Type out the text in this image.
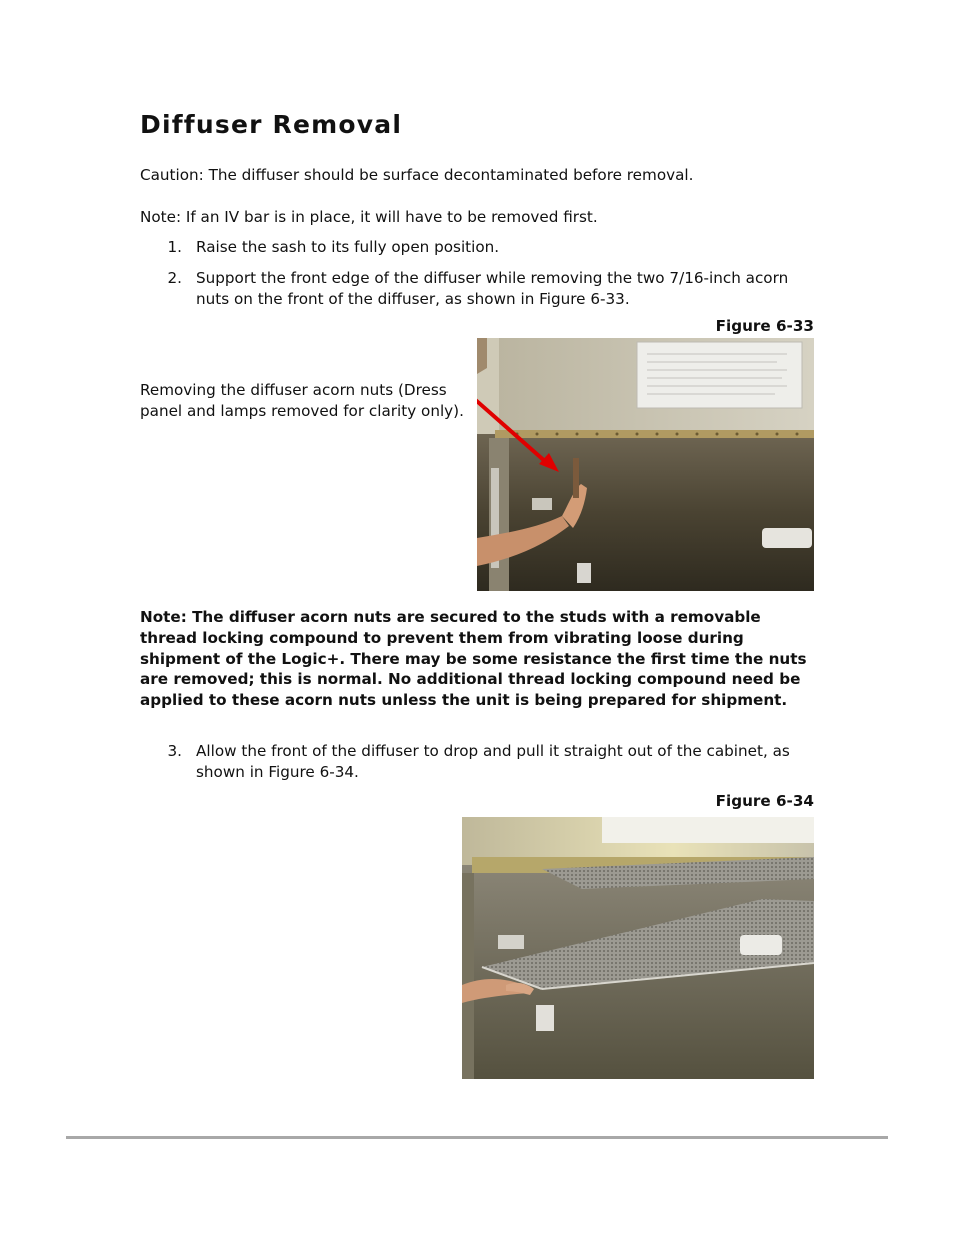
Diffuser Removal
Caution: The diffuser should be surface decontaminated before removal.
Note: If an IV bar is in place, it will have to be removed first.
1. Raise the sash to its fully open position.
2. Support the front edge of the diffuser while removing the two 7/16-inch acorn
nuts on the front of the diffuser, as shown in Figure 6-33.
Figure 6-33
Removing the diffuser acorn nuts (Dress
panel and lamps removed for clarity only).
Note: The diffuser acorn nuts are secured to the studs with a removable
thread locking compound to prevent them from vibrating loose during
shipment of the Logic+. There may be some resistance the first time the nuts
are removed; this is normal. No additional thread locking compound need be
applied to these acorn nuts unless the unit is being prepared for shipment.
3. Allow the front of the diffuser to drop and pull it straight out of the cabinet, as
shown in Figure 6-34.
Figure 6-34
